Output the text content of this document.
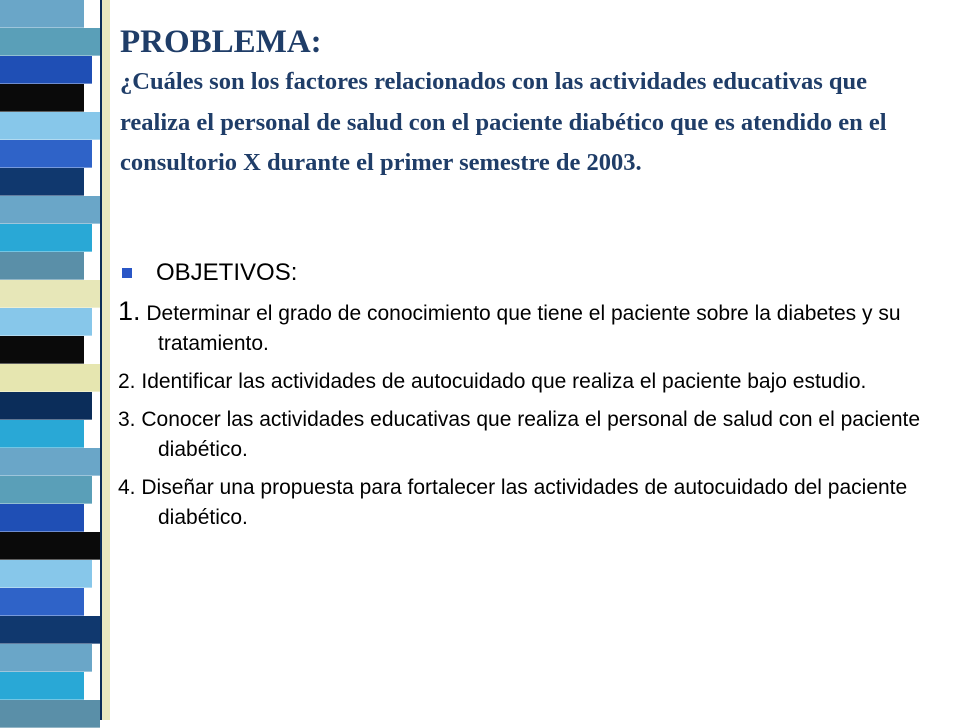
PROBLEMA:

¿Cuáles son los factores relacionados con las actividades educativas que realiza el personal de salud con el paciente diabético que es atendido en el consultorio X durante el primer semestre de 2003.

OBJETIVOS:
1. Determinar el grado de conocimiento que tiene el paciente sobre la diabetes y su tratamiento.
2. Identificar las actividades de autocuidado que realiza el paciente bajo estudio.
3. Conocer las actividades educativas que realiza el personal de salud con el paciente diabético.
4. Diseñar una propuesta para fortalecer las actividades de autocuidado del paciente diabético.
